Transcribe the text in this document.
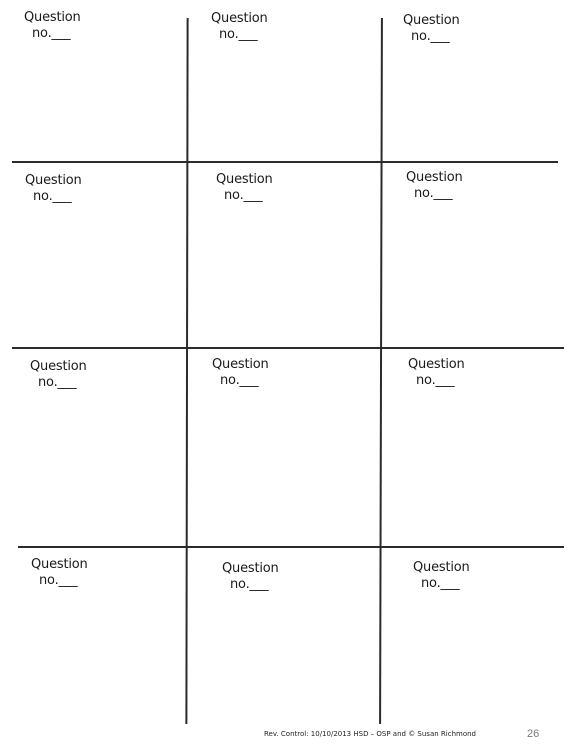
Question
no.___
Question
no.___
Question
no.___
Question
no.___
Question
no.___
Question
no.___
Question
no.___
Question
no.___
Question
no.___
Question
no.___
Question
no.___
Question
no.___
Rev. Control: 10/10/2013 HSD – OSP and © Susan Richmond	26
